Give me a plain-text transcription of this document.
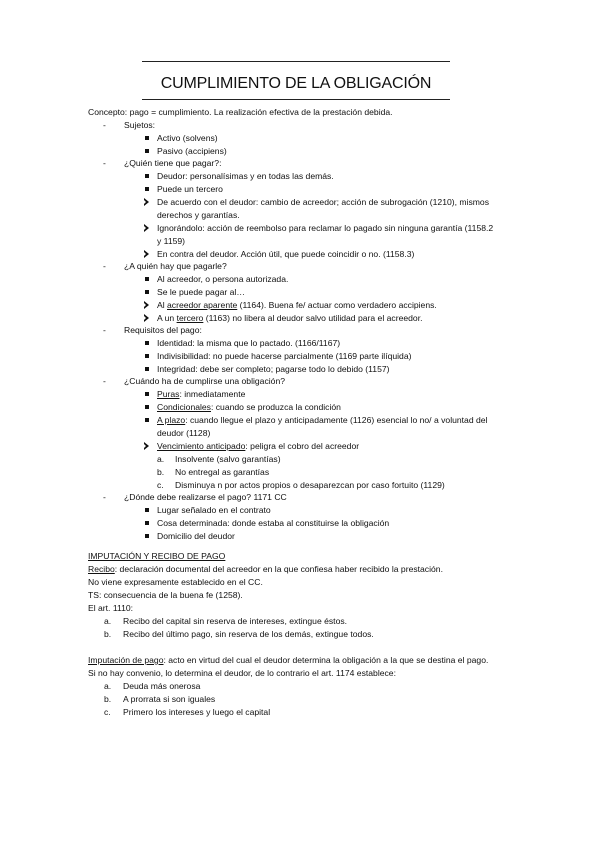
CUMPLIMIENTO DE LA OBLIGACIÓN
Concepto: pago = cumplimiento. La realización efectiva de la prestación debida.
- Sujetos:
Activo (solvens)
Pasivo (accipiens)
- ¿Quién tiene que pagar?:
Deudor: personalísimas y en todas las demás.
Puede un tercero
De acuerdo con el deudor: cambio de acreedor; acción de subrogación (1210), mismos
derechos y garantías.
Ignorándolo: acción de reembolso para reclamar lo pagado sin ninguna garantía (1158.2
y 1159)
En contra del deudor. Acción útil, que puede coincidir o no. (1158.3)
- ¿A quién hay que pagarle?
Al acreedor, o persona autorizada.
Se le puede pagar al…
Al acreedor aparente (1164). Buena fe/ actuar como verdadero accipiens.
A un tercero (1163) no libera al deudor salvo utilidad para el acreedor.
- Requisitos del pago:
Identidad: la misma que lo pactado. (1166/1167)
Indivisibilidad: no puede hacerse parcialmente (1169 parte ilíquida)
Integridad: debe ser completo; pagarse todo lo debido (1157)
- ¿Cuándo ha de cumplirse una obligación?
Puras: inmediatamente
Condicionales: cuando se produzca la condición
A plazo: cuando llegue el plazo y anticipadamente (1126) esencial lo no/ a voluntad del
deudor (1128)
Vencimiento anticipado: peligra el cobro del acreedor
a. Insolvente (salvo garantías)
b. No entregal as garantías
c. Disminuya n por actos propios o desaparezcan por caso fortuito (1129)
- ¿Dónde debe realizarse el pago? 1171 CC
Lugar señalado en el contrato
Cosa determinada: donde estaba al constituirse la obligación
Domicilio del deudor
IMPUTACIÓN Y RECIBO DE PAGO
Recibo: declaración documental del acreedor en la que confiesa haber recibido la prestación.
No viene expresamente establecido en el CC.
TS: consecuencia de la buena fe (1258).
El art. 1110:
a. Recibo del capital sin reserva de intereses, extingue éstos.
b. Recibo del último pago, sin reserva de los demás, extingue todos.
Imputación de pago: acto en virtud del cual el deudor determina la obligación a la que se destina el pago.
Si no hay convenio, lo determina el deudor, de lo contrario el art. 1174 establece:
a. Deuda más onerosa
b. A prorrata si son iguales
c. Primero los intereses y luego el capital
